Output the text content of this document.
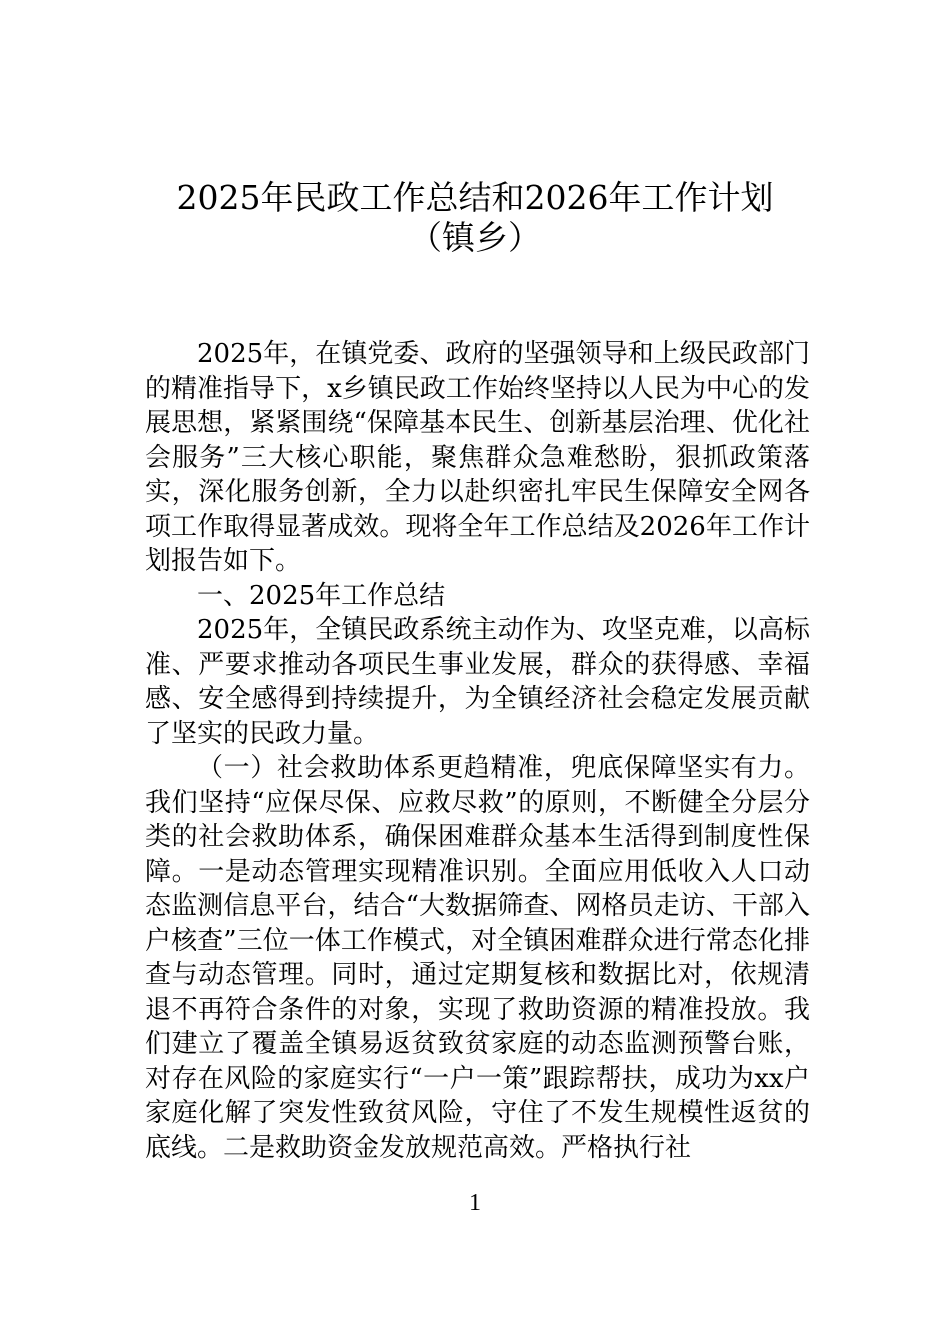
2025年民政工作总结和2026年工作计划
（镇乡）

2025年，在镇党委、政府的坚强领导和上级民政部门的精准指导下，x乡镇民政工作始终坚持以人民为中心的发展思想，紧紧围绕“保障基本民生、创新基层治理、优化社会服务”三大核心职能，聚焦群众急难愁盼，狠抓政策落实，深化服务创新，全力以赴织密扎牢民生保障安全网各项工作取得显著成效。现将全年工作总结及2026年工作计划报告如下。

一、2025年工作总结

2025年，全镇民政系统主动作为、攻坚克难，以高标准、严要求推动各项民生事业发展，群众的获得感、幸福感、安全感得到持续提升，为全镇经济社会稳定发展贡献了坚实的民政力量。

（一）社会救助体系更趋精准，兜底保障坚实有力。我们坚持“应保尽保、应救尽救”的原则，不断健全分层分类的社会救助体系，确保困难群众基本生活得到制度性保障。一是动态管理实现精准识别。全面应用低收入人口动态监测信息平台，结合“大数据筛查、网格员走访、干部入户核查”三位一体工作模式，对全镇困难群众进行常态化排查与动态管理。同时，通过定期复核和数据比对，依规清退不再符合条件的对象，实现了救助资源的精准投放。我们建立了覆盖全镇易返贫致贫家庭的动态监测预警台账，对存在风险的家庭实行“一户一策”跟踪帮扶，成功为xx户家庭化解了突发性致贫风险，守住了不发生规模性返贫的底线。二是救助资金发放规范高效。严格执行社

1
